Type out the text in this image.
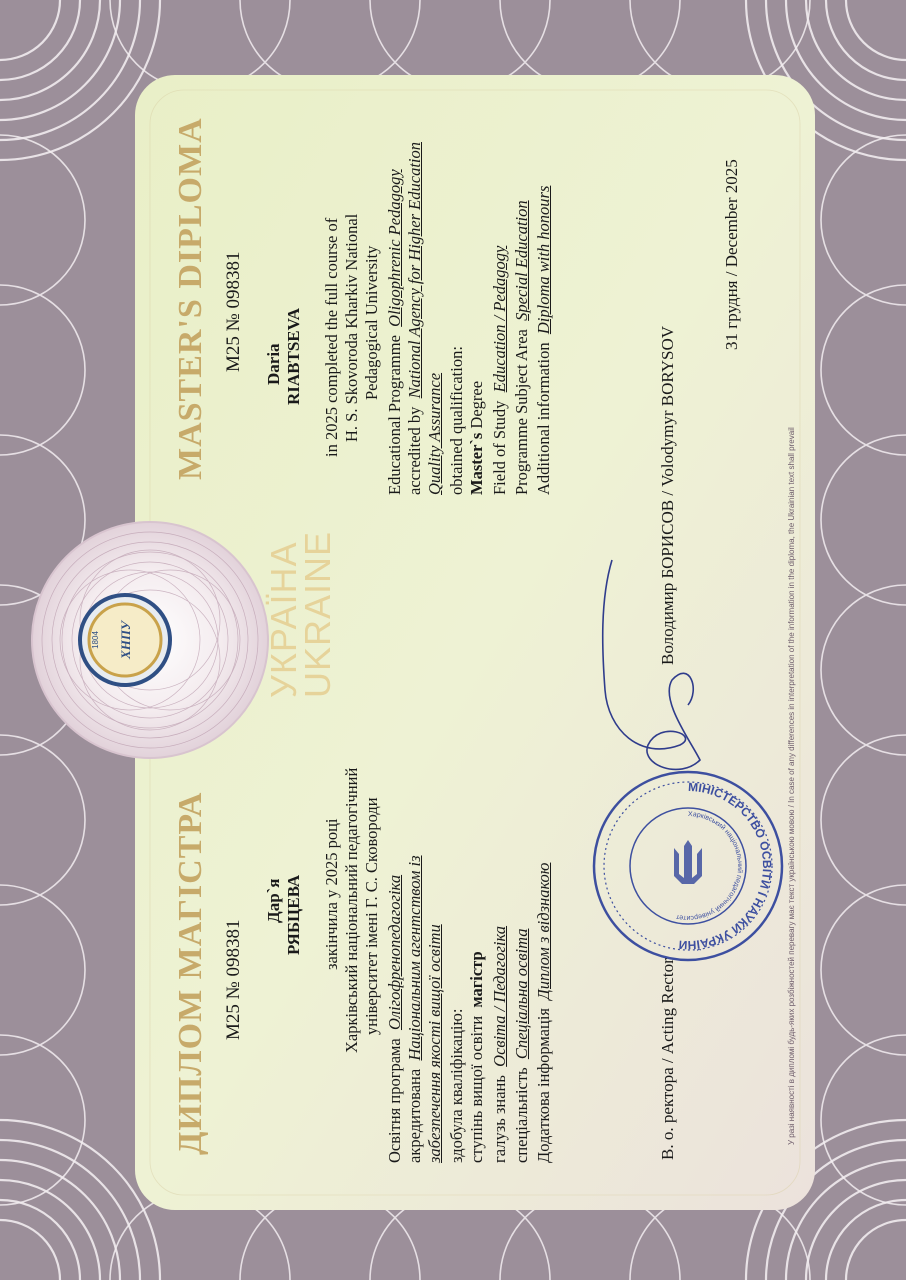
1804 ХНПУ
МІНІСТЕРСТВО ОСВІТИ І НАУКИ УКРАЇНИ
Харківський національний педагогічний університет
ДИПЛОМ МАГІСТРА M25 № 098381
Дар`я РЯБЦЕВА закінчила у 2025 році Харківський національний педагогічний університет імені Г. С. Сковороди
Освітня програма  Олігофренопедагогіка
акредитована  Національним агентством із забезпечення якості вищої освіти здобула кваліфікацію: ступінь вищої освіти  магістр
галузь знань  Освіта / Педагогіка
спеціальність  Спеціальна освіта
Додаткова інформація  Диплом з відзнакою
УКРАЇНА
UKRAINE
MASTER'S DIPLOMA M25 № 098381 Daria RIABTSEVA in 2025 completed the full course of H. S. Skovoroda Kharkiv National Pedagogical University
Educational Programme  Oligophrenic Pedagogy
accredited by  National Agency for Higher Education
Quality Assurance obtained qualification: Master`s Degree Field of Study  Education / Pedagogy
Programme Subject Area  Special Education
Additional information  Diploma with honours
В. о. ректора / Acting Rector
Володимир БОРИСОВ / Volodymyr BORYSOV
31 грудня / December 2025
У разі наявності в дипломі будь-яких розбіжностей перевагу має текст українською мовою / In case of any differences in interpretation of the information in the diploma, the Ukrainian text shall prevail
